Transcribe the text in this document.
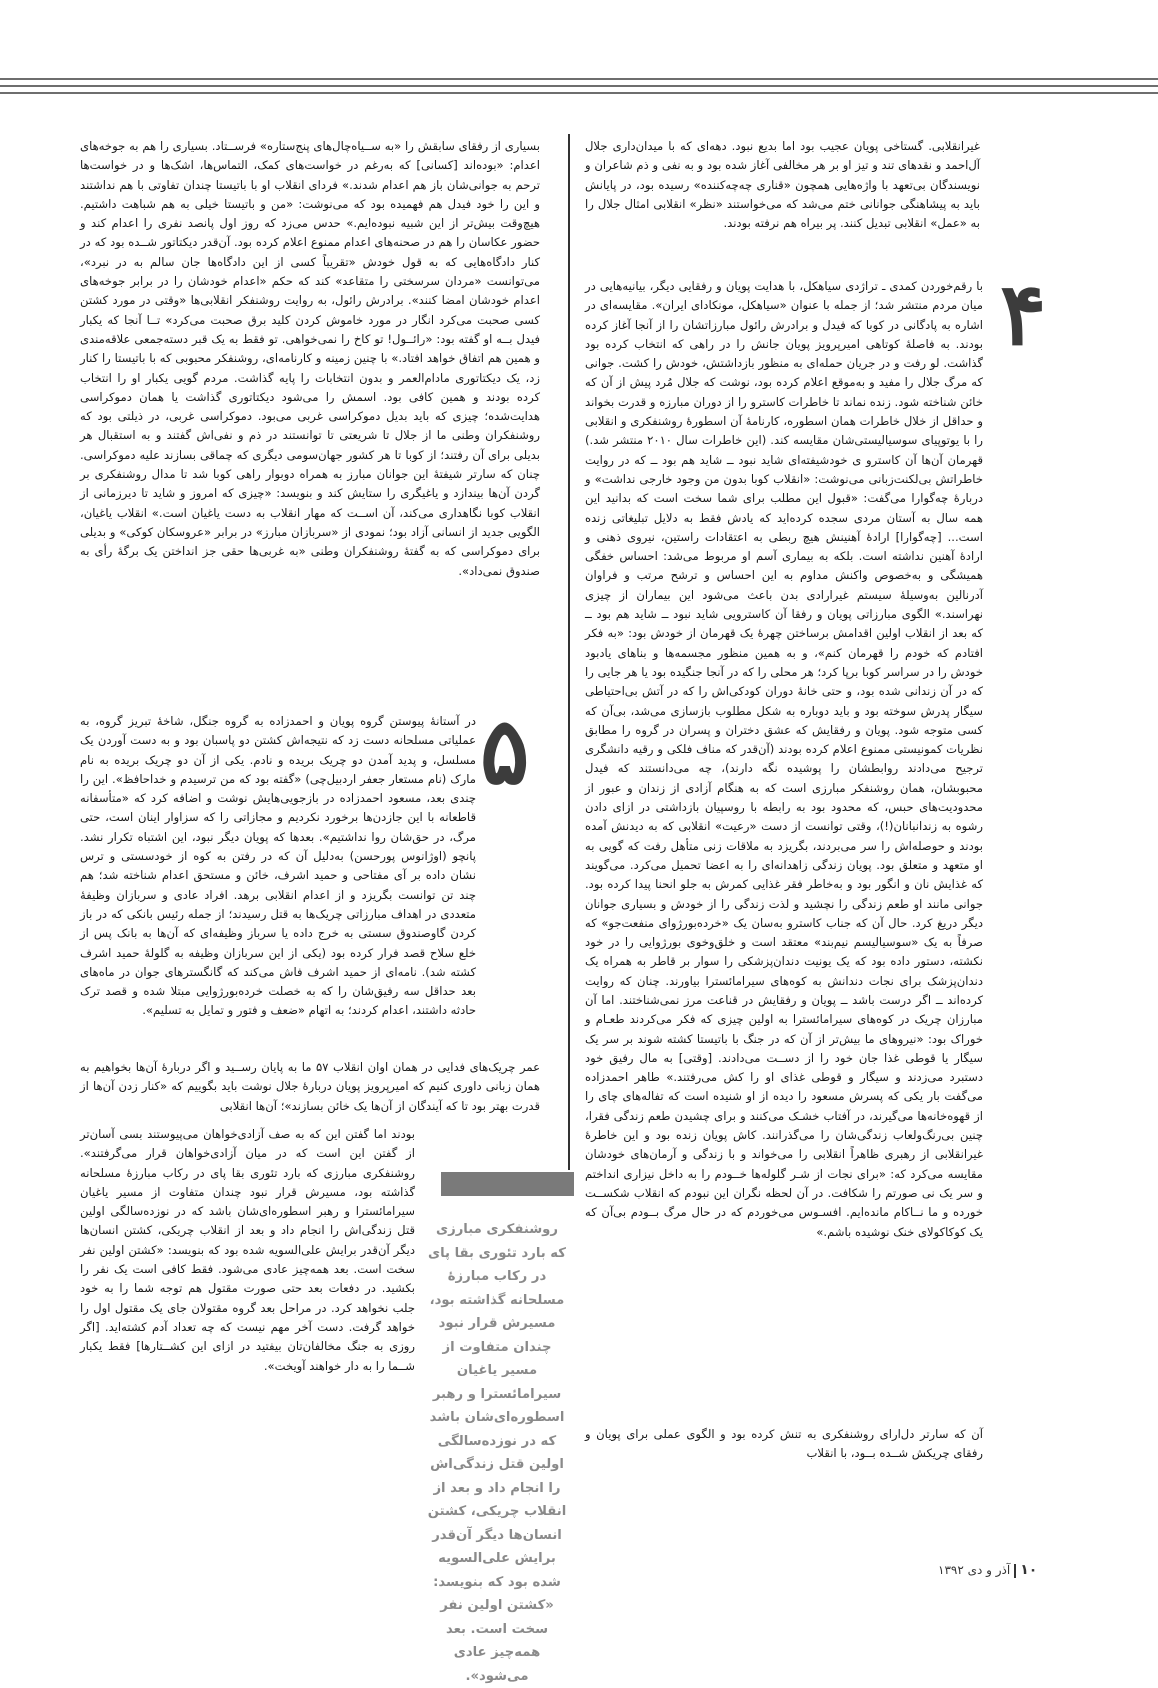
غیرانقلابی. گستاخی پویان عجیب بود اما بدیع نبود. دهه‌ای که با میدان‌داری جلال آل‌احمد و نقدهای تند و تیز او بر هر مخالفی آغاز شده بود و به نفی و ذم شاعران و نویسندگان بی‌تعهد با واژه‌هایی همچون «قناری چه‌چه‌کننده» رسیده بود، در پایانش باید به پیشاهنگی جوانانی ختم می‌شد که می‌خواستند «نظر» انقلابی امثال جلال را به «عمل» انقلابی تبدیل کنند. پر بیراه هم نرفته بودند.

۴

با رقم‌خوردن کمدی ـ تراژدی سیاهکل، با هدایت پویان و رفقایی دیگر، بیانیه‌هایی در میان مردم منتشر شد؛ از جمله با عنوان «سیاهکل، مونکادای ایران». مقایسه‌ای در اشاره به پادگانی در کوبا که فیدل و برادرش رائول مبارزاتشان را از آنجا آغاز کرده بودند. به فاصلهٔ کوتاهی امیرپرویز پویان جانش را در راهی که انتخاب کرده بود گذاشت. لو رفت و در جریان حمله‌ای به منظور بازداشتش، خودش را کشت. جوانی که مرگ جلال را مفید و به‌موقع اعلام کرده بود، نوشت که جلال مُرد پیش از آن که خائن شناخته شود. زنده نماند تا خاطرات کاسترو را از دوران مبارزه و قدرت بخواند و حداقل از خلال خاطرات همان اسطوره، کارنامهٔ آن اسطورهٔ روشنفکری و انقلابی را با یوتوپیای سوسیالیستی‌شان مقایسه کند. (این خاطرات سال ۲۰۱۰ منتشر شد.) قهرمان آن‌ها آن کاسترو ی خودشیفته‌ای شاید نبود ــ شاید هم بود ــ که در روایت خاطراتش بی‌لکنت‌زبانی می‌نوشت: «انقلاب کوبا بدون من وجود خارجی نداشت» و دربارهٔ چه‌گوارا می‌گفت: «قبول این مطلب برای شما سخت است که بدانید این همه سال به آستان مردی سجده کرده‌اید که یادش فقط به دلایل تبلیغاتی زنده است... [چه‌گوارا] ارادهٔ آهنینش هیچ ربطی به اعتقادات راستین، نیروی ذهنی و ارادهٔ آهنین نداشته است. بلکه به بیماری آسم او مربوط می‌شد: احساس خفگی همیشگی و به‌خصوص واکنش مداوم به این احساس و ترشح مرتب و فراوان آدرنالین به‌وسیلهٔ سیستم غیرارادی بدن باعث می‌شود این بیماران از چیزی نهراسند.» الگوی مبارزاتی پویان و رفقا آن کاسترویی شاید نبود ــ شاید هم بود ــ که بعد از انقلاب اولین اقدامش برساختن چهرهٔ یک قهرمان از خودش بود: «به فکر افتادم که خودم را قهرمان کنم»، و به همین منظور مجسمه‌ها و بناهای یادبود خودش را در سراسر کوبا برپا کرد؛ هر محلی را که در آنجا جنگیده بود یا هر جایی را که در آن زندانی شده بود، و حتی خانهٔ دوران کودکی‌اش را که در آتش بی‌احتیاطی سیگار پدرش سوخته بود و باید دوباره به شکل مطلوب بازسازی می‌شد، بی‌آن که کسی متوجه شود. پویان و رفقایش که عشق دختران و پسران در گروه را مطابق نظریات کمونیستی ممنوع اعلام کرده بودند (آن‌قدر که مناف فلکی و رقیه دانشگری ترجیح می‌دادند روابطشان را پوشیده نگه دارند)، چه می‌دانستند که فیدل محبوبشان، همان روشنفکر مبارزی است که به هنگام آزادی از زندان و عبور از محدودیت‌های حبس، که محدود بود به رابطه با روسپیان بازداشتی در ازای دادن رشوه به زندانبانان(!)، وقتی توانست از دست «رعیت» انقلابی که به دیدنش آمده بودند و حوصله‌اش را سر می‌بردند، بگریزد به ملاقات زنی متأهل رفت که گویی به او متعهد و متعلق بود. پویان زندگی زاهدانه‌ای را به اعضا تحمیل می‌کرد. می‌گویند که غذایش نان و انگور بود و به‌خاطر فقر غذایی کمرش به جلو انحنا پیدا کرده بود. جوانی مانند او طعم زندگی را نچشید و لذت زندگی را از خودش و بسیاری جوانان دیگر دریغ کرد. حال آن که جناب کاسترو به‌سان یک «خرده‌بورژوای منفعت‌جو» که صرفاً به یک «سوسیالیسم نیم‌بند» معتقد است و خلق‌وخوی بورژوایی را در خود نکشته، دستور داده بود که یک یونیت دندان‌پزشکی را سوار بر قاطر به همراه یک دندان‌پزشک برای نجات دندانش به کوه‌های سیرامائسترا بیاورند. چنان که روایت کرده‌اند ــ اگر درست باشد ــ پویان و رفقایش در قناعت مرز نمی‌شناختند. اما آن مبارزان چریک در کوه‌های سیرامائسترا به اولین چیزی که فکر می‌کردند طعـام و خوراک بود: «نیروهای ما بیش‌تر از آن که در جنگ با باتیستا کشته شوند بر سر یک سیگار یا قوطی غذا جان خود را از دســت می‌دادند. [وقتی] به مال رفیق خود دستبرد می‌زدند و سیگار و قوطی غذای او را کش می‌رفتند.» طاهر احمدزاده می‌گفت بار یکی که پسرش مسعود را دیده از او شنیده است که تفاله‌های چای را از قهوه‌خانه‌ها می‌گیرند، در آفتاب خشـک می‌کنند و برای چشیدن طعم زندگی فقرا، چنین بی‌رنگ‌ولعاب زندگی‌شان را می‌گذرانند. کاش پویان زنده بود و این خاطرهٔ غیرانقلابی از رهبری ظاهراً انقلابی را می‌خواند و با زندگی و آرمان‌های خودشان مقایسه می‌کرد که: «برای نجات از شـر گلوله‌ها خــودم را به داخل نیزاری انداختم و سر یک نی صورتم را شکافت. در آن لحظه نگران این نبودم که انقلاب شکســت خورده و ما نــاکام مانده‌ایم. افسـوس می‌خوردم که در حال مرگ بــودم بی‌آن که یک کوکاکولای خنک نوشیده باشم.»

آن که سارتر دل‌ارای روشنفکری به تنش کرده بود و الگوی عملی برای پویان و رفقای چریکش شــده بــود، با انقلاب

بسیاری از رفقای سابقش را «به ســیاه‌چال‌های پنج‌ستاره» فرســتاد. بسیاری را هم به جوخه‌های اعدام: «بوده‌اند [کسانی] که به‌رغم در خواست‌های کمک، التماس‌ها، اشک‌ها و در خواست‌ها ترحم به جوانی‌شان باز هم اعدام شدند.» فردای انقلاب او با باتیستا چندان تفاوتی با هم نداشتند و این را خود فیدل هم فهمیده بود که می‌نوشت: «من و باتیستا خیلی به هم شباهت داشتیم. هیچ‌وقت بیش‌تر از این شبیه نبوده‌ایم.» حدس می‌زد که روز اول پانصد نفری را اعدام کند و حضور عکاسان را هم در صحنه‌های اعدام ممنوع اعلام کرده بود. آن‌قدر دیکتاتور شــده بود که در کنار دادگاه‌هایی که به قول خودش «تقریباً کسی از این دادگاه‌ها جان سالم به در نبرد»، می‌توانست «مردان سرسختی را متقاعد» کند که حکم «اعدام خودشان را در برابر جوخه‌های اعدام خودشان امضا کنند». برادرش رائول، به روایت روشنفکر انقلابی‌ها «وقتی در مورد کشتن کسی صحبت می‌کرد انگار در مورد خاموش کردن کلید برق صحبت می‌کرد» تــا آنجا که یکبار فیدل بــه او گفته بود: «رائــول! تو کاخ را نمی‌خواهی. تو فقط به یک قبر دسته‌جمعی علاقه‌مندی و همین هم اتفاق خواهد افتاد.» با چنین زمینه و کارنامه‌ای، روشنفکر محبوبی که با باتیستا را کنار زد، یک دیکتاتوری مادام‌العمر و بدون انتخابات را پایه گذاشت. مردم گویی یکبار او را انتخاب کرده بودند و همین کافی بود. اسمش را می‌شود دیکتاتوری گذاشت یا همان دموکراسی هدایت‌شده؛ چیزی که باید بدیل دموکراسی غربی می‌بود. دموکراسی غربی، در ذیلتی بود که روشنفکران وطنی ما از جلال تا شریعتی تا توانستند در ذم و نفی‌اش گفتند و به استقبال هر بدیلی برای آن رفتند؛ از کوبا تا هر کشور جهان‌سومی دیگری که چماقی بسازند علیه دموکراسی. چنان که سارتر شیفتهٔ این جوانان مبارز به همراه دوبوار راهی کوبا شد تا مدال روشنفکری بر گردن آن‌ها بیندازد و یاغیگری را ستایش کند و بنویسد: «چیزی که امروز و شاید تا دیرزمانی از انقلاب کوبا نگاهداری می‌کند، آن اســت که مهار انقلاب به دست یاغیان است.» انقلاب یاغیان، الگویی جدید از انسانی آزاد بود؛ نمودی از «سربازان مبارز» در برابر «عروسکان کوکی» و بدیلی برای دموکراسی که به گفتهٔ روشنفکران وطنی «به غربی‌ها حقی جز انداختن یک برگهٔ رأی به صندوق نمی‌داد».

۵

در آستانهٔ پیوستن گروه پویان و احمدزاده به گروه جنگل، شاخهٔ تبریز گروه، به عملیاتی مسلحانه دست زد که نتیجه‌اش کشتن دو پاسبان بود و به دست آوردن یک مسلسل، و پدید آمدن دو چریک بریده و نادم. یکی از آن دو چریک بریده به نام مارک (نام مستعار جعفر اردبیل‌چی) «گفته بود که من ترسیدم و خداحافظ». این را چندی بعد، مسعود احمدزاده در بازجویی‌هایش نوشت و اضافه کرد که «متأسفانه قاطعانه با این جازدن‌ها برخورد نکردیم و مجازاتی را که سزاوار اینان است، حتی مرگ، در حق‌شان روا نداشتیم». بعدها که پویان دیگر نبود، این اشتباه تکرار نشد. پانچو (اوژانوس پورحسن) به‌دلیل آن که در رفتن به کوه از خودسستی و ترس نشان داده بر آی مفتاحی و حمید اشرف، خائن و مستحق اعدام شناخته شد؛ هم چند تن توانست بگریزد و از اعدام انقلابی برهد. افراد عادی و سربازان وظیفهٔ متعددی در اهداف مبارزاتی چریک‌ها به قتل رسیدند؛ از جمله رئیس بانکی که در باز کردن گاوصندوق سستی به خرج داده یا سرباز وظیفه‌ای که آن‌ها به بانک پس از خلع سلاح قصد فرار کرده بود (یکی از این سربازان وظیفه به گلولهٔ حمید اشرف کشته شد). نامه‌ای از حمید اشرف فاش می‌کند که گانگسترهای جوان در ماه‌های بعد حداقل سه رفیق‌شان را که به خصلت خرده‌بورژوایی مبتلا شده و قصد ترک حادثه داشتند، اعدام کردند؛ به اتهام «ضعف و فتور و تمایل به تسلیم».

عمر چریک‌های فدایی در همان اوان انقلاب ۵۷ ما به پایان رســید و اگر دربارهٔ آن‌ها بخواهیم به همان زبانی داوری کنیم که امیرپرویز پویان دربارهٔ جلال نوشت باید بگوییم که «کنار زدن آن‌ها از قدرت بهتر بود تا که آیندگان از آن‌ها یک خائن بسازند»؛ آن‌ها انقلابی

بودند اما گفتن این که به صف آزادی‌خواهان می‌پیوستند بسی آسان‌تر از گفتن این است که در میان آزادی‌خواهان قرار می‌گرفتند». روشنفکری مبارزی که بارد تئوری بقا پای در رکاب مبارزهٔ مسلحانه گذاشته بود، مسیرش قرار نبود چندان متفاوت از مسیر یاغیان سیرامائسترا و رهبر اسطوره‌ای‌شان باشد که در نوزده‌سالگی اولین قتل زندگی‌اش را انجام داد و بعد از انقلاب چریکی، کشتن انسان‌ها دیگر آن‌قدر برایش علی‌السویه شده بود که بنویسد: «کشتن اولین نفر سخت است. بعد همه‌چیز عادی می‌شود. فقط کافی است یک نفر را بکشید. در دفعات بعد حتی صورت مقتول هم توجه شما را به خود جلب نخواهد کرد. در مراحل بعد گروه مقتولان جای یک مقتول اول را خواهد گرفت. دست آخر مهم نیست که چه تعداد آدم کشته‌اید. [اگر روزی به جنگ مخالفان‌تان بیفتید در ازای این کشــتارها] فقط یکبار شــما را به دار خواهند آویخت».

روشنفکری مبارزی که بارد تئوری بقا پای در رکاب مبارزهٔ مسلحانه گذاشته بود، مسیرش قرار نبود چندان متفاوت از مسیر یاغیان سیرامائسترا و رهبر اسطوره‌ای‌شان باشد که در نوزده‌سالگی اولین قتل زندگی‌اش را انجام داد و بعد از انقلاب چریکی، کشتن انسان‌ها دیگر آن‌قدر برایش علی‌السویه شده بود که بنویسد: «کشتن اولین نفر سخت است. بعد همه‌چیز عادی می‌شود».
۱۰آذر و دی ۱۳۹۲
